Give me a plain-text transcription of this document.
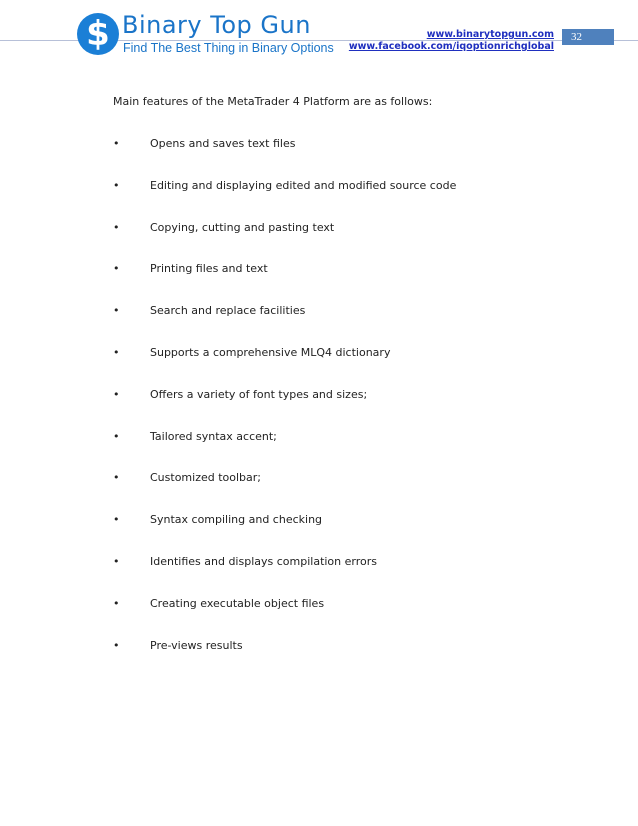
$ Binary Top Gun
Find The Best Thing in Binary Options
www.binarytopgun.com
www.facebook.com/iqoptionrichglobal
32
Main features of the MetaTrader 4 Platform are as follows:
•	Opens and saves text files
•	Editing and displaying edited and modified source code
•	Copying, cutting and pasting text
•	Printing files and text
•	Search and replace facilities
•	Supports a comprehensive MLQ4 dictionary
•	Offers a variety of font types and sizes;
•	Tailored syntax accent;
•	Customized toolbar;
•	Syntax compiling and checking
•	Identifies and displays compilation errors
•	Creating executable object files
•	Pre-views results
